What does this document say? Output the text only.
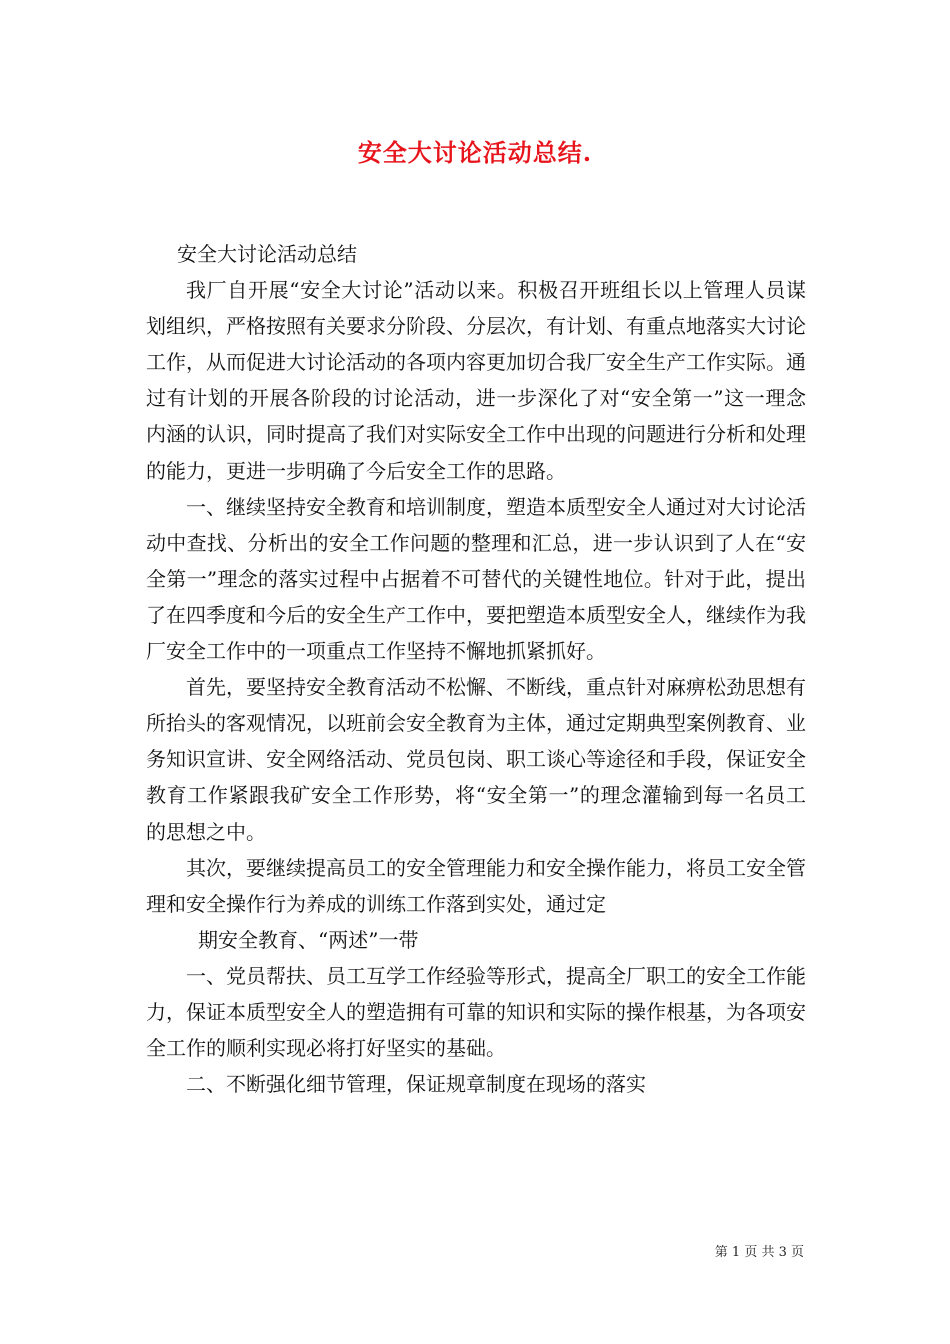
安全大讨论活动总结.

安全大讨论活动总结

我厂自开展“安全大讨论”活动以来。积极召开班组长以上管理人员谋划组织，严格按照有关要求分阶段、分层次，有计划、有重点地落实大讨论工作，从而促进大讨论活动的各项内容更加切合我厂安全生产工作实际。通过有计划的开展各阶段的讨论活动，进一步深化了对“安全第一”这一理念内涵的认识，同时提高了我们对实际安全工作中出现的问题进行分析和处理的能力，更进一步明确了今后安全工作的思路。

一、继续坚持安全教育和培训制度，塑造本质型安全人通过对大讨论活动中查找、分析出的安全工作问题的整理和汇总，进一步认识到了人在“安全第一”理念的落实过程中占据着不可替代的关键性地位。针对于此，提出了在四季度和今后的安全生产工作中，要把塑造本质型安全人，继续作为我厂安全工作中的一项重点工作坚持不懈地抓紧抓好。

首先，要坚持安全教育活动不松懈、不断线，重点针对麻痹松劲思想有所抬头的客观情况，以班前会安全教育为主体，通过定期典型案例教育、业务知识宣讲、安全网络活动、党员包岗、职工谈心等途径和手段，保证安全教育工作紧跟我矿安全工作形势，将“安全第一”的理念灌输到每一名员工的思想之中。

其次，要继续提高员工的安全管理能力和安全操作能力，将员工安全管理和安全操作行为养成的训练工作落到实处，通过定

期安全教育、“两述”一带

一、党员帮扶、员工互学工作经验等形式，提高全厂职工的安全工作能力，保证本质型安全人的塑造拥有可靠的知识和实际的操作根基，为各项安全工作的顺利实现必将打好坚实的基础。

二、不断强化细节管理，保证规章制度在现场的落实

第 1 页 共 3 页
